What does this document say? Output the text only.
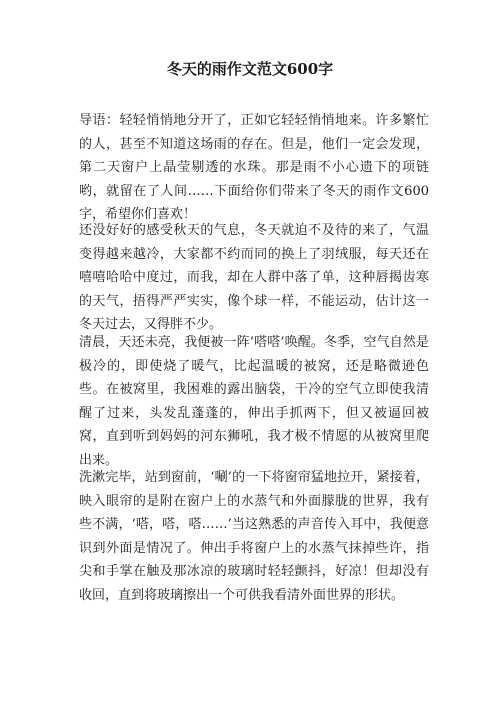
冬天的雨作文范文600字

导语：轻轻悄悄地分开了，正如它轻轻悄悄地来。许多繁忙的人，甚至不知道这场雨的存在。但是，他们一定会发现，第二天窗户上晶莹剔透的水珠。那是雨不小心遗下的项链哟，就留在了人间……下面给你们带来了冬天的雨作文600字，希望你们喜欢！

还没好好的感受秋天的气息，冬天就迫不及待的来了，气温变得越来越冷，大家都不约而同的换上了羽绒服，每天还在嘻嘻哈哈中度过，而我，却在人群中落了单，这种唇揭齿寒的天气，捂得严严实实，像个球一样，不能运动，估计这一冬天过去，又得胖不少。

清晨，天还未亮，我便被一阵‘嗒嗒’唤醒。冬季，空气自然是极冷的，即使烧了暖气，比起温暖的被窝，还是略微逊色些。在被窝里，我困难的露出脑袋，干冷的空气立即使我清醒了过来，头发乱蓬蓬的，伸出手抓两下，但又被逼回被窝，直到听到妈妈的河东狮吼，我才极不情愿的从被窝里爬出来。

洗漱完毕，站到窗前，‘唰’的一下将窗帘猛地拉开，紧接着，映入眼帘的是附在窗户上的水蒸气和外面朦胧的世界，我有些不满，‘嗒，嗒，嗒……’当这熟悉的声音传入耳中，我便意识到外面是情况了。伸出手将窗户上的水蒸气抹掉些许，指尖和手掌在触及那冰凉的玻璃时轻轻颤抖，好凉！但却没有收回，直到将玻璃擦出一个可供我看清外面世界的形状。
